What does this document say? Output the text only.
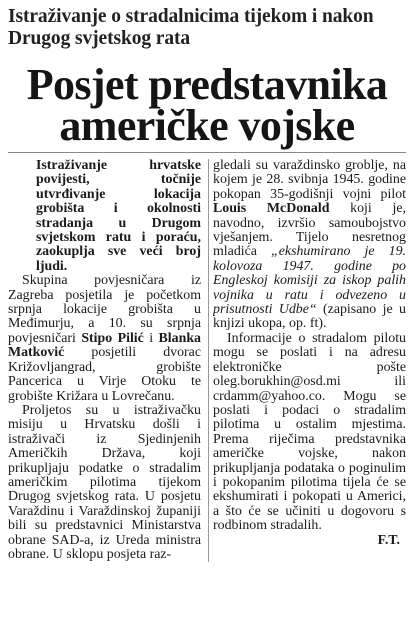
Istraživanje o stradalnicima tijekom i nakon Drugog svjetskog rata

Posjet predstavnika američke vojske

Istraživanje hrvatske povijesti, točnije utvrđivanje lokacija grobišta i okolnosti stradanja u Drugom svjetskom ratu i poraću, zaokuplja sve veći broj ljudi.

Skupina povjesničara iz Zagreba posjetila je početkom srpnja lokacije grobišta u Međimurju, a 10. su srpnja povjesničari Stipo Pilić i Blanka Matković posjetili dvorac Križovljangrad, grobište Pancerica u Virje Otoku te grobište Križara u Lovrečanu.

Proljetos su u istraživačku misiju u Hrvatsku došli i istraživači iz Sjedinjenih Američkih Država, koji prikupljaju podatke o stradalim američkim pilotima tijekom Drugog svjetskog rata. U posjetu Varaždinu i Varaždinskoj županiji bili su predstavnici Ministarstva obrane SAD-a, iz Ureda ministra obrane. U sklopu posjeta raz-

gledali su varaždinsko groblje, na kojem je 28. svibnja 1945. godine pokopan 35-godišnji vojni pilot Louis McDonald koji je, navodno, izvršio samoubojstvo vješanjem. Tijelo nesretnog mladića „ekshumirano je 19. kolovoza 1947. godine po Engleskoj komisiji za iskop palih vojnika u ratu i odvezeno u prisutnosti Udbe“ (zapisano je u knjizi ukopa, op. ft).

Informacije o stradalom pilotu mogu se poslati i na adresu elektroničke pošte oleg.borukhin@osd.mi ili crdamm@yahoo.co. Mogu se poslati i podaci o stradalim pilotima u ostalim mjestima. Prema riječima predstavnika američke vojske, nakon prikupljanja podataka o poginulim i pokopanim pilotima tijela će se ekshumirati i pokopati u Americi, a što će se učiniti u dogovoru s rodbinom stradalih.

F.T.
